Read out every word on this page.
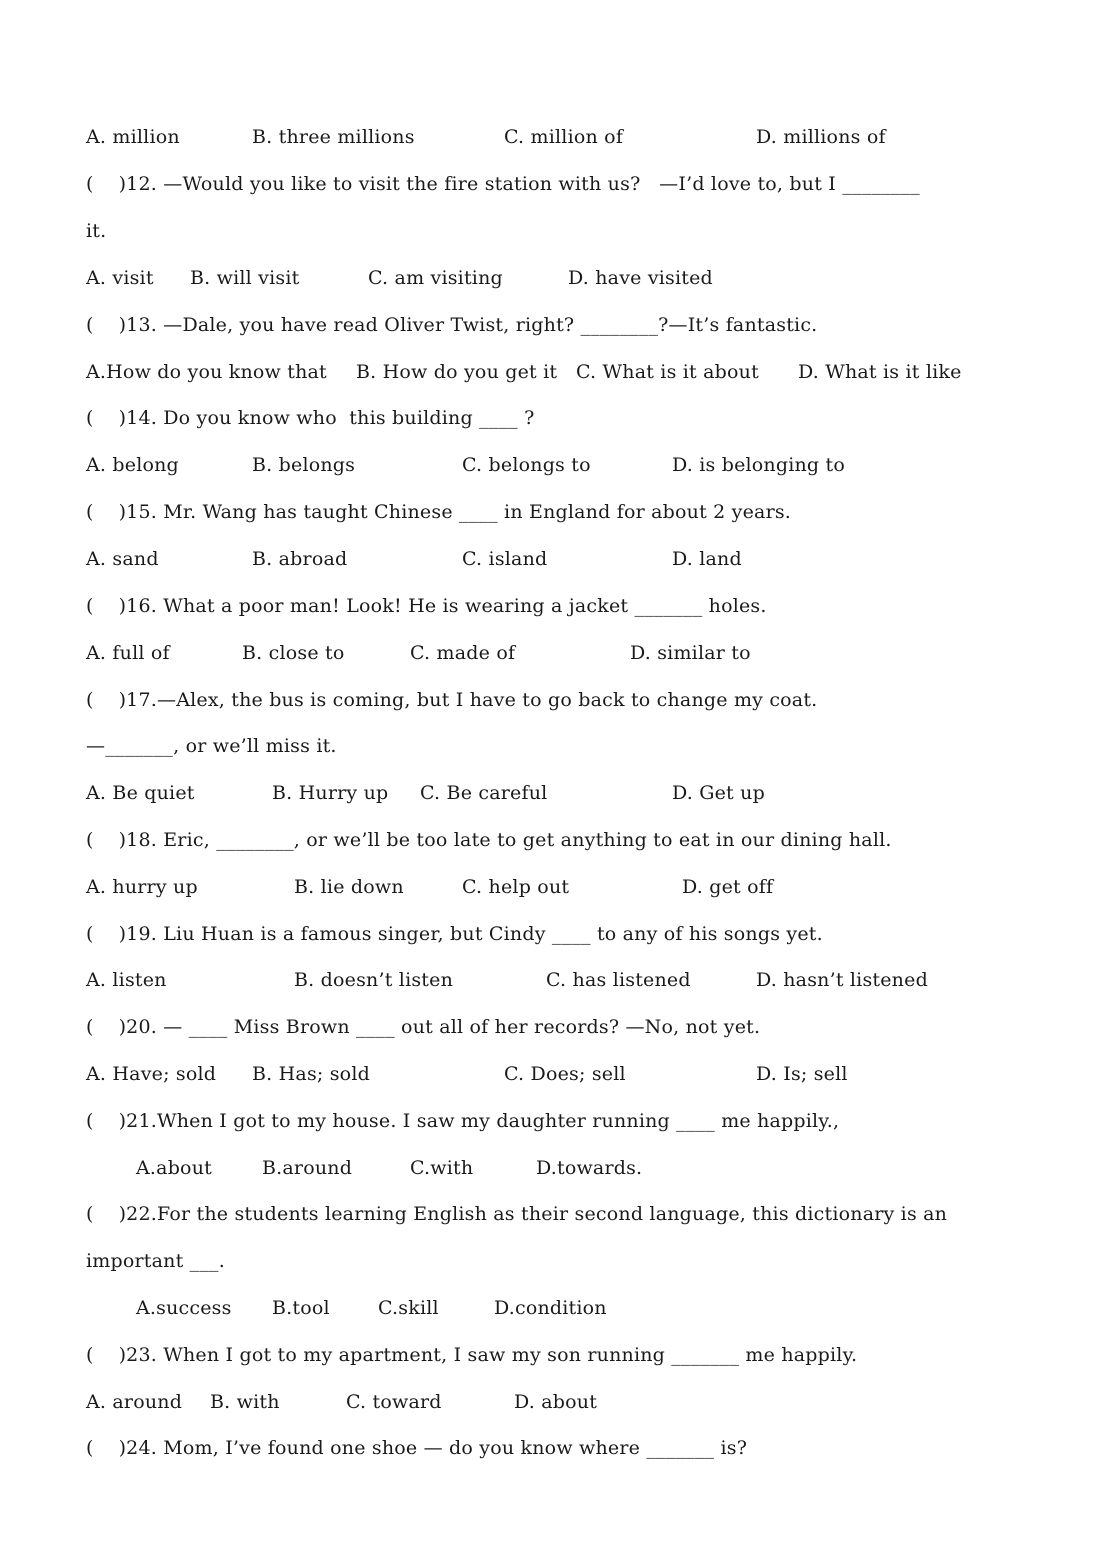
A. million

	B. three millions

	C. million of

	D. millions of

(    )12. —Would you like to visit the fire station with us?   —I’d love to, but I ________
it.

A. visit

B. will visit

	C. am visiting

	D. have visited

(    )13. —Dale, you have read Oliver Twist, right? ________?—It’s fantastic.

A.How do you know that

B. How do you get it

C. What is it about

D. What is it like

(    )14. Do you know who  this building ____ ?

A. belong

	B. belongs

	C. belongs to

	D. is belonging to

(    )15. Mr. Wang has taught Chinese ____ in England for about 2 years.

A. sand

	B. abroad

	C. island

	D. land

(    )16. What a poor man! Look! He is wearing a jacket _______ holes.

A. full of

	B. close to

	C. made of

	D. similar to

(    )17.—Alex, the bus is coming, but I have to go back to change my coat.
—_______, or we’ll miss it.

A. Be quiet

	B. Hurry up

C. Be careful

	D. Get up

(    )18. Eric, ________, or we’ll be too late to get anything to eat in our dining hall.

A. hurry up

	B. lie down

	C. help out

	D. get off

(    )19. Liu Huan is a famous singer, but Cindy ____ to any of his songs yet.

A. listen

	B. doesn’t listen

	C. has listened

	D. hasn’t listened

(    )20. — ____ Miss Brown ____ out all of her records? —No, not yet.

A. Have; sold

B. Has; sold

	C. Does; sell

	D. Is; sell

(    )21.When I got to my house. I saw my daughter running ____ me happily.,

A.about

	B.around

	C.with

	D.towards.

(    )22.For the students learning English as their second language, this dictionary is an
important ___.

A.success

B.tool

	C.skill

	D.condition

(    )23. When I got to my apartment, I saw my son running _______ me happily.

A. around

B. with

	C. toward

	D. about

(    )24. Mom, I’ve found one shoe — do you know where _______ is?
